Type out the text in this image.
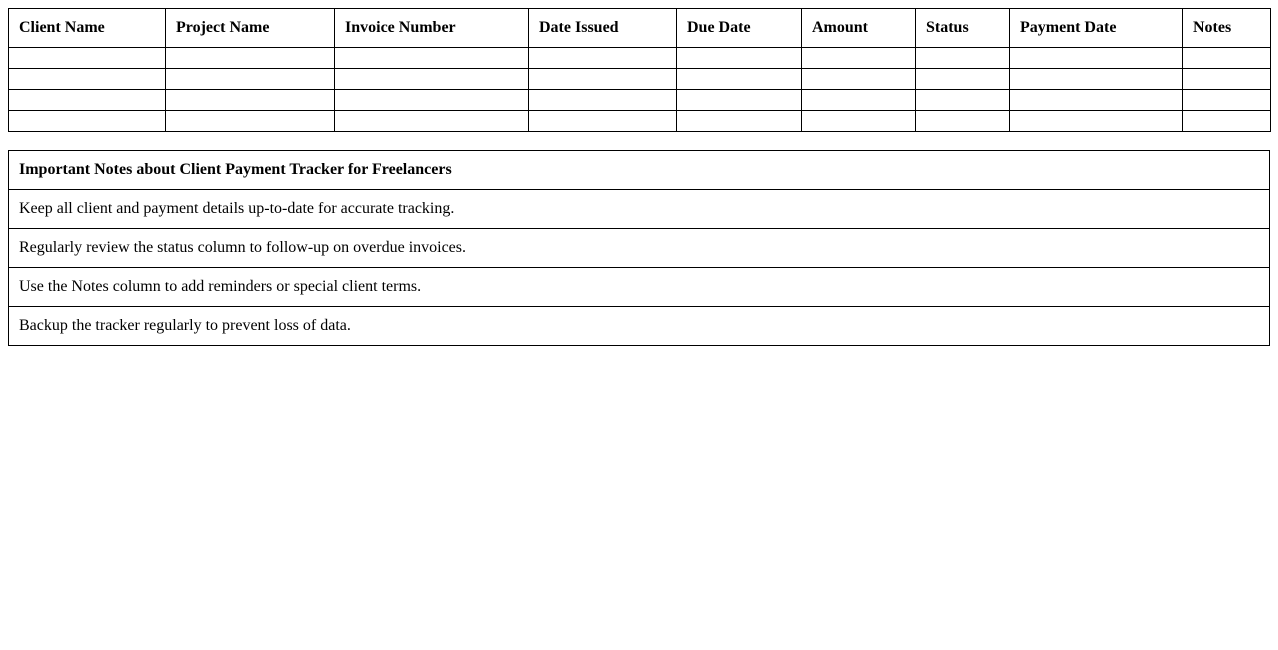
Client Name	Project Name	Invoice Number	Date Issued	Due Date	Amount	Status	Payment Date	Notes

Important Notes about Client Payment Tracker for Freelancers
Keep all client and payment details up-to-date for accurate tracking.
Regularly review the status column to follow-up on overdue invoices.
Use the Notes column to add reminders or special client terms.
Backup the tracker regularly to prevent loss of data.
